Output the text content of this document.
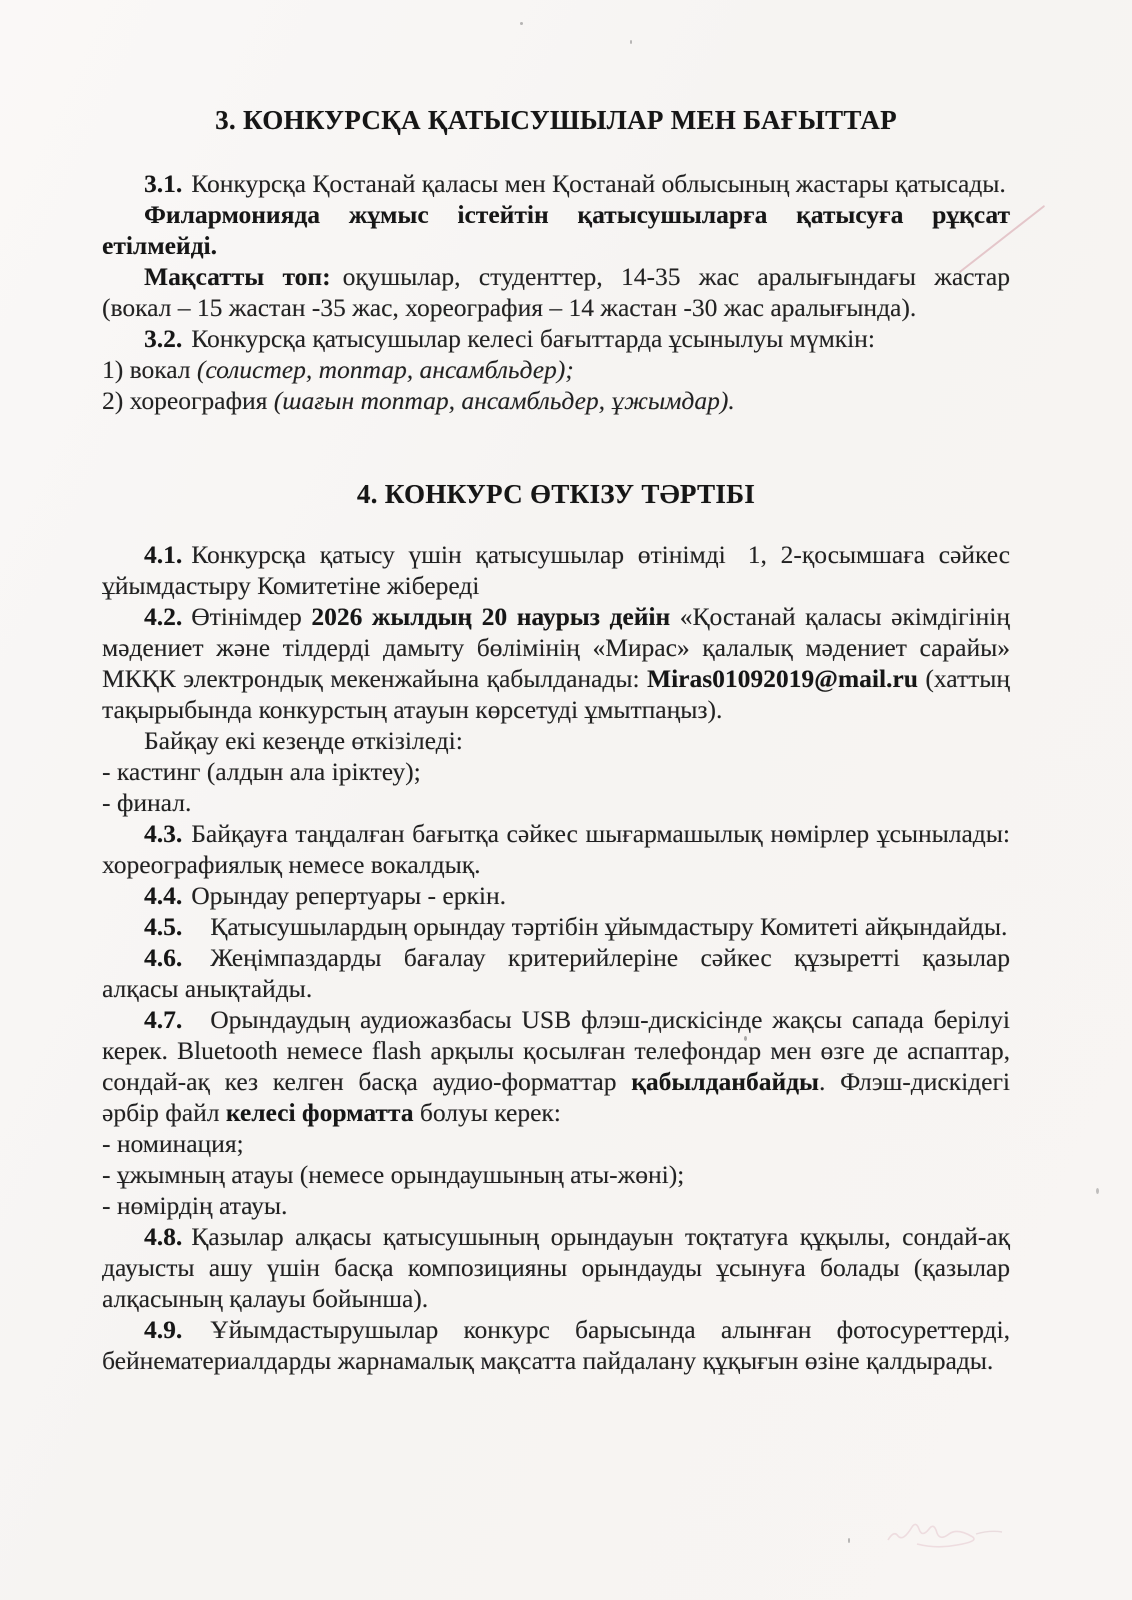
3. КОНКУРСҚА ҚАТЫСУШЫЛАР МЕН БАҒЫТТАР

3.1. Конкурсқа Қостанай қаласы мен Қостанай облысының жастары қатысады.

Филармонияда жұмыс істейтін қатысушыларға қатысуға рұқсат етілмейді.

Мақсатты топ: оқушылар, студенттер, 14-35 жас аралығындағы жастар (вокал – 15 жастан -35 жас, хореография – 14 жастан -30 жас аралығында).

3.2. Конкурсқа қатысушылар келесі бағыттарда ұсынылуы мүмкін:

1) вокал (солистер, топтар, ансамбльдер);

2) хореография (шағын топтар, ансамбльдер, ұжымдар).

4. КОНКУРС ӨТКІЗУ ТӘРТІБІ

4.1. Конкурсқа қатысу үшін қатысушылар өтінімді 1, 2-қосымшаға сәйкес ұйымдастыру Комитетіне жібереді

4.2. Өтінімдер 2026 жылдың 20 наурыз дейін «Қостанай қаласы әкімдігінің мәдениет және тілдерді дамыту бөлімінің «Мирас» қалалық мәдениет сарайы» МКҚК электрондық мекенжайына қабылданады: Miras01092019@mail.ru (хаттың тақырыбында конкурстың атауын көрсетуді ұмытпаңыз).

Байқау екі кезеңде өткізіледі:

- кастинг (алдын ала іріктеу);

- финал.

4.3. Байқауға таңдалған бағытқа сәйкес шығармашылық нөмірлер ұсынылады: хореографиялық немесе вокалдық.

4.4. Орындау репертуары - еркін.

4.5. Қатысушылардың орындау тәртібін ұйымдастыру Комитеті айқындайды.

4.6. Жеңімпаздарды бағалау критерийлеріне сәйкес құзыретті қазылар алқасы анықтайды.

4.7. Орындаудың аудиожазбасы USB флэш-дискісінде жақсы сапада берілуі керек. Bluetooth немесе flash арқылы қосылған телефондар мен өзге де аспаптар, сондай-ақ кез келген басқа аудио-форматтар қабылданбайды. Флэш-дискідегі әрбір файл келесі форматта болуы керек:

- номинация;

- ұжымның атауы (немесе орындаушының аты-жөні);

- нөмірдің атауы.

4.8. Қазылар алқасы қатысушының орындауын тоқтатуға құқылы, сондай-ақ дауысты ашу үшін басқа композицияны орындауды ұсынуға болады (қазылар алқасының қалауы бойынша).

4.9. Ұйымдастырушылар конкурс барысында алынған фотосуреттерді, бейнематериалдарды жарнамалық мақсатта пайдалану құқығын өзіне қалдырады.
